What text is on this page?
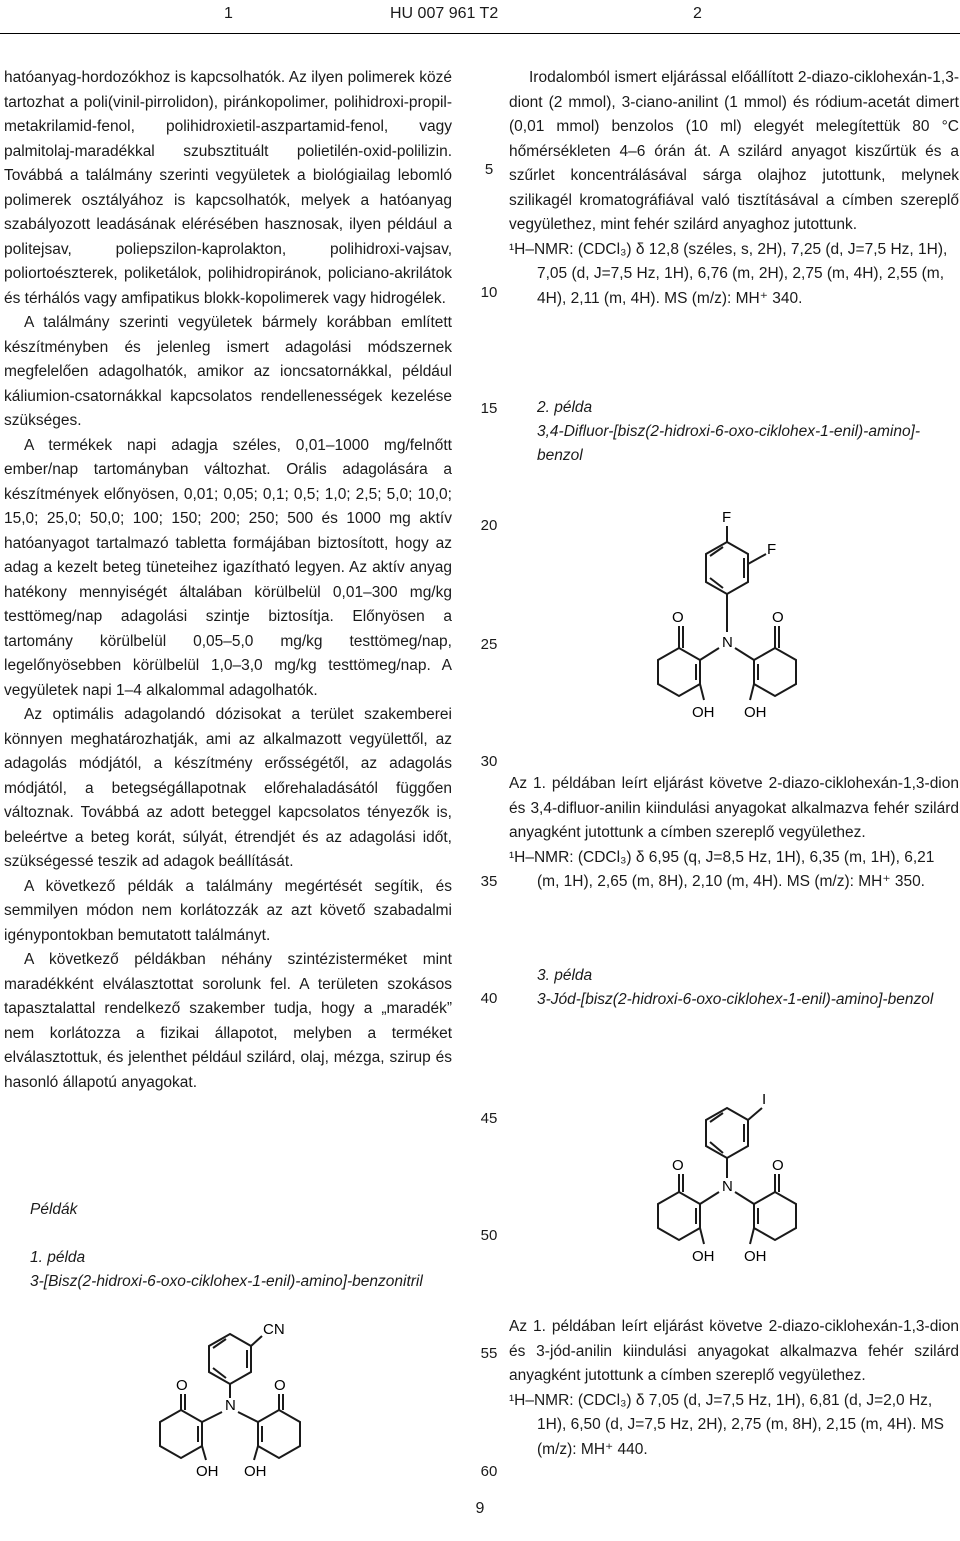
1	HU 007 961 T2	2
5
10
15
20
25
30
35
40
45
50
55
60

hatóanyag-hordozókhoz is kapcsolhatók. Az ilyen polimerek közé tartozhat a poli(vinil-pirrolidon), piránkopolimer, polihidroxi-propil-metakrilamid-fenol, polihidroxietil-aszpartamid-fenol, vagy palmitolaj-maradékkal szubsztituált polietilén-oxid-polilizin. Továbbá a találmány szerinti vegyületek a biológiailag lebomló polimerek osztályához is kapcsolhatók, melyek a hatóanyag szabályozott leadásának elérésében hasznosak, ilyen például a politejsav, poliepszilon-kaprolakton, polihidroxi-vajsav, poliortoészterek, poliketálok, polihidropiránok, policiano-akrilátok és térhálós vagy amfipatikus blokk-kopolimerek vagy hidrogélek.

A találmány szerinti vegyületek bármely korábban említett készítményben és jelenleg ismert adagolási módszernek megfelelően adagolhatók, amikor az ioncsatornákkal, például káliumion-csatornákkal kapcsolatos rendellenességek kezelése szükséges.

A termékek napi adagja széles, 0,01–1000 mg/felnőtt ember/nap tartományban változhat. Orális adagolására a készítmények előnyösen, 0,01; 0,05; 0,1; 0,5; 1,0; 2,5; 5,0; 10,0; 15,0; 25,0; 50,0; 100; 150; 200; 250; 500 és 1000 mg aktív hatóanyagot tartalmazó tabletta formájában biztosított, hogy az adag a kezelt beteg tüneteihez igazítható legyen. Az aktív anyag hatékony mennyiségét általában körülbelül 0,01–300 mg/kg testtömeg/nap adagolási szintje biztosítja. Előnyösen a tartomány körülbelül 0,05–5,0 mg/kg testtömeg/nap, legelőnyösebben körülbelül 1,0–3,0 mg/kg testtömeg/nap. A vegyületek napi 1–4 alkalommal adagolhatók.

Az optimális adagolandó dózisokat a terület szakemberei könnyen meghatározhatják, ami az alkalmazott vegyülettől, az adagolás módjától, a készítmény erősségétől, az adagolás módjától, a betegségállapotnak előrehaladásától függően változnak. Továbbá az adott beteggel kapcsolatos tényezők is, beleértve a beteg korát, súlyát, étrendjét és az adagolási időt, szükségessé teszik ad adagok beállítását.

A következő példák a találmány megértését segítik, és semmilyen módon nem korlátozzák az azt követő szabadalmi igénypontokban bemutatott találmányt.

A következő példákban néhány szintézisterméket mint maradékként elválasztottat sorolunk fel. A területen szokásos tapasztalattal rendelkező szakember tudja, hogy a „maradék” nem korlátozza a fizikai állapotot, melyben a terméket elválasztottuk, és jelenthet például szilárd, olaj, mézga, szirup és hasonló állapotú anyagokat.

Példák
1. példa
3-[Bisz(2-hidroxi-6-oxo-ciklohex-1-enil)-amino]-benzonitril
CN
N
O	O
OH OH

Irodalomból ismert eljárással előállított 2-diazo-ciklohexán-1,3-diont (2 mmol), 3-ciano-anilint (1 mmol) és ródium-acetát dimert (0,01 mmol) benzolos (10 ml) elegyét melegítettük 80 °C hőmérsékleten 4–6 órán át. A szilárd anyagot kiszűrtük és a szűrlet koncentrálásával sárga olajhoz jutottunk, melynek szilikagél kromatográfiával való tisztításával a címben szereplő vegyülethez, mint fehér szilárd anyaghoz jutottunk.

¹H–NMR: (CDCl₃) δ 12,8 (széles, s, 2H), 7,25 (d, J=7,5 Hz, 1H), 7,05 (d, J=7,5 Hz, 1H), 6,76 (m, 2H), 2,75 (m, 4H), 2,55 (m, 4H), 2,11 (m, 4H). MS (m/z): MH⁺ 340.

2. példa
3,4-Difluor-[bisz(2-hidroxi-6-oxo-ciklohex-1-enil)-amino]-benzol
F
F
N
O	O
OH OH

Az 1. példában leírt eljárást követve 2-diazo-ciklohexán-1,3-dion és 3,4-difluor-anilin kiindulási anyagokat alkalmazva fehér szilárd anyagként jutottunk a címben szereplő vegyülethez.

¹H–NMR: (CDCl₃) δ 6,95 (q, J=8,5 Hz, 1H), 6,35 (m, 1H), 6,21 (m, 1H), 2,65 (m, 8H), 2,10 (m, 4H). MS (m/z): MH⁺ 350.

3. példa
3-Jód-[bisz(2-hidroxi-6-oxo-ciklohex-1-enil)-amino]-benzol
I
N
O	O
OH OH

Az 1. példában leírt eljárást követve 2-diazo-ciklohexán-1,3-dion és 3-jód-anilin kiindulási anyagokat alkalmazva fehér szilárd anyagként jutottunk a címben szereplő vegyülethez.

¹H–NMR: (CDCl₃) δ 7,05 (d, J=7,5 Hz, 1H), 6,81 (d, J=2,0 Hz, 1H), 6,50 (d, J=7,5 Hz, 2H), 2,75 (m, 8H), 2,15 (m, 4H). MS (m/z): MH⁺ 440.

9
